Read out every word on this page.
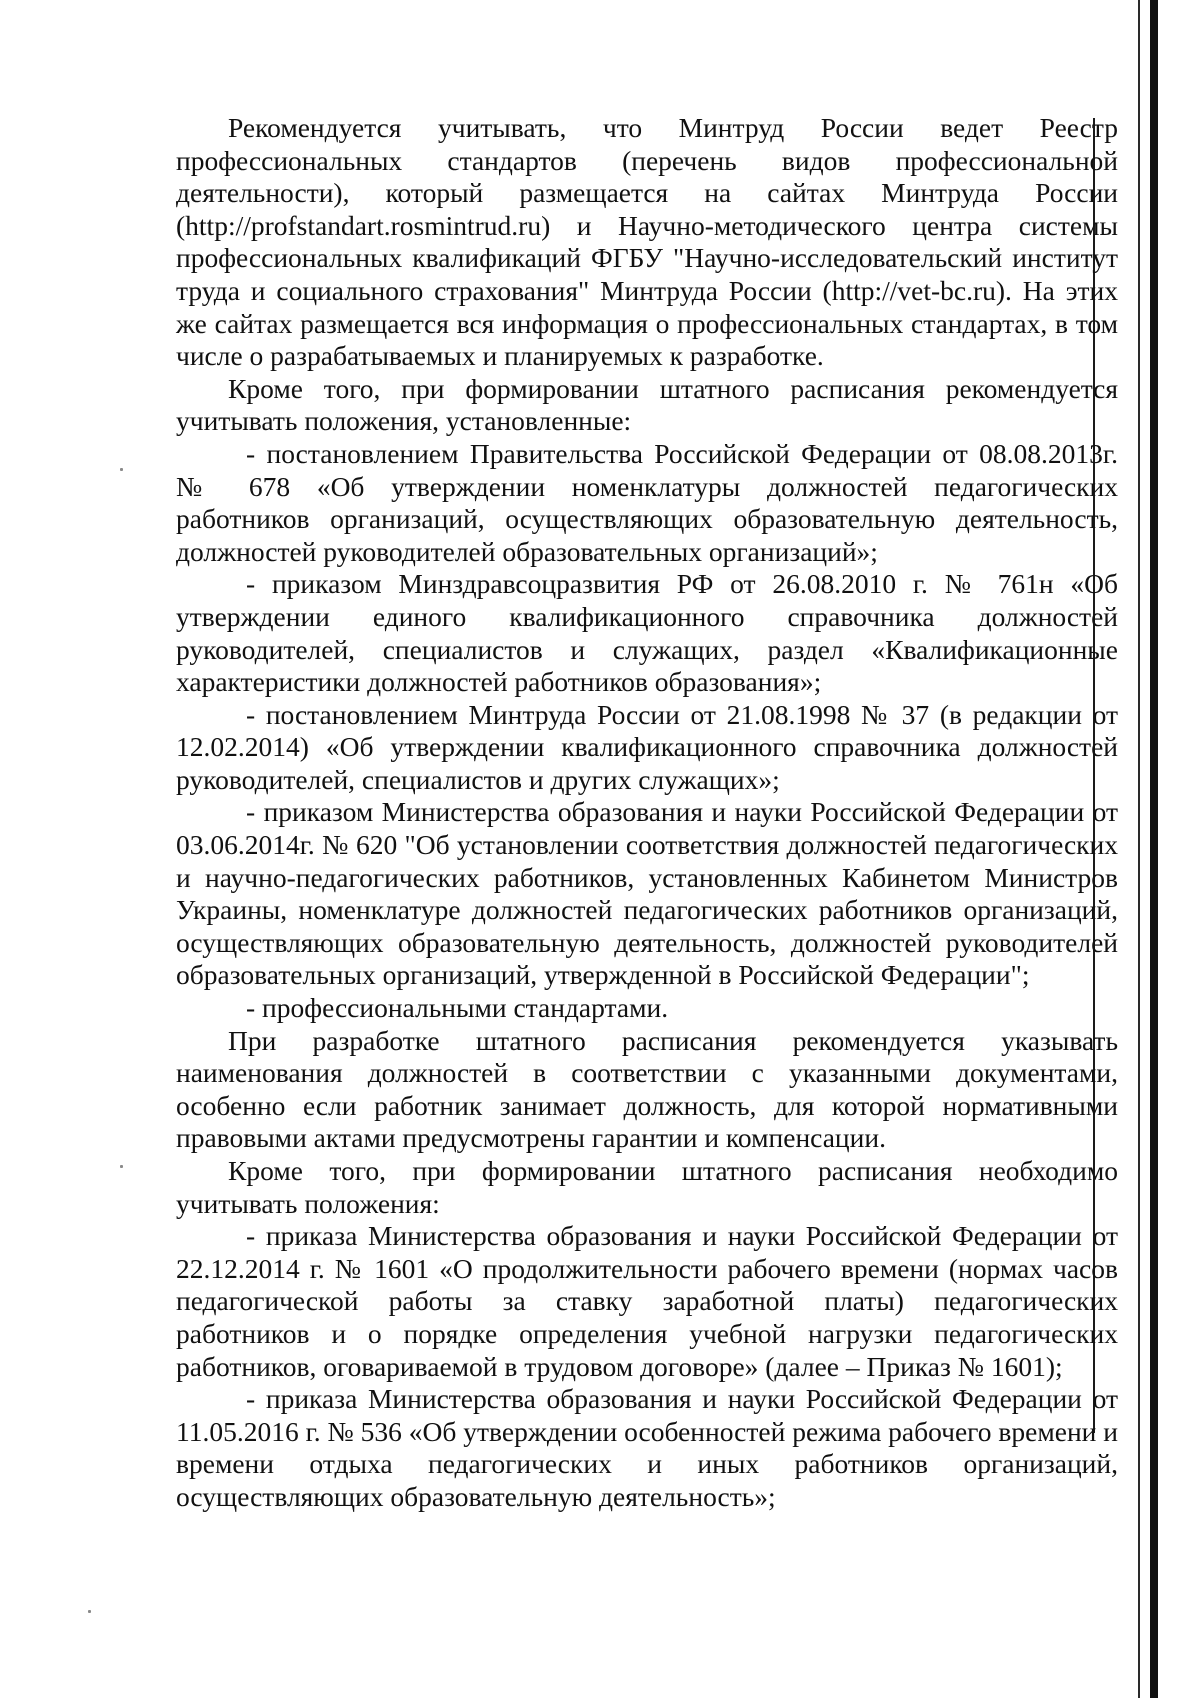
Рекомендуется учитывать, что Минтруд России ведет Реестр профессиональных стандартов (перечень видов профессиональной деятельности), который размещается на сайтах Минтруда России (http://profstandart.rosmintrud.ru) и Научно-методического центра системы профессиональных квалификаций ФГБУ "Научно-исследовательский институт труда и социального страхования" Минтруда России (http://vet-bc.ru). На этих же сайтах размещается вся информация о профессиональных стандартах, в том числе о разрабатываемых и планируемых к разработке.

Кроме того, при формировании штатного расписания рекомендуется учитывать положения, установленные:

- постановлением Правительства Российской Федерации от 08.08.2013г. № 678 «Об утверждении номенклатуры должностей педагогических работников организаций, осуществляющих образовательную деятельность, должностей руководителей образовательных организаций»;

- приказом Минздравсоцразвития РФ от 26.08.2010 г. № 761н «Об утверждении единого квалификационного справочника должностей руководителей, специалистов и служащих, раздел «Квалификационные характеристики должностей работников образования»;

- постановлением Минтруда России от 21.08.1998 № 37 (в редакции от 12.02.2014) «Об утверждении квалификационного справочника должностей руководителей, специалистов и других служащих»;

- приказом Министерства образования и науки Российской Федерации от 03.06.2014г. № 620 "Об установлении соответствия должностей педагогических и научно-педагогических работников, установленных Кабинетом Министров Украины, номенклатуре должностей педагогических работников организаций, осуществляющих образовательную деятельность, должностей руководителей образовательных организаций, утвержденной в Российской Федерации";

- профессиональными стандартами.

При разработке штатного расписания рекомендуется указывать наименования должностей в соответствии с указанными документами, особенно если работник занимает должность, для которой нормативными правовыми актами предусмотрены гарантии и компенсации.

Кроме того, при формировании штатного расписания необходимо учитывать положения:

- приказа Министерства образования и науки Российской Федерации от 22.12.2014 г. № 1601 «О продолжительности рабочего времени (нормах часов педагогической работы за ставку заработной платы) педагогических работников и о порядке определения учебной нагрузки педагогических работников, оговариваемой в трудовом договоре» (далее – Приказ № 1601);

- приказа Министерства образования и науки Российской Федерации от 11.05.2016 г. № 536 «Об утверждении особенностей режима рабочего времени и времени отдыха педагогических и иных работников организаций, осуществляющих образовательную деятельность»;
